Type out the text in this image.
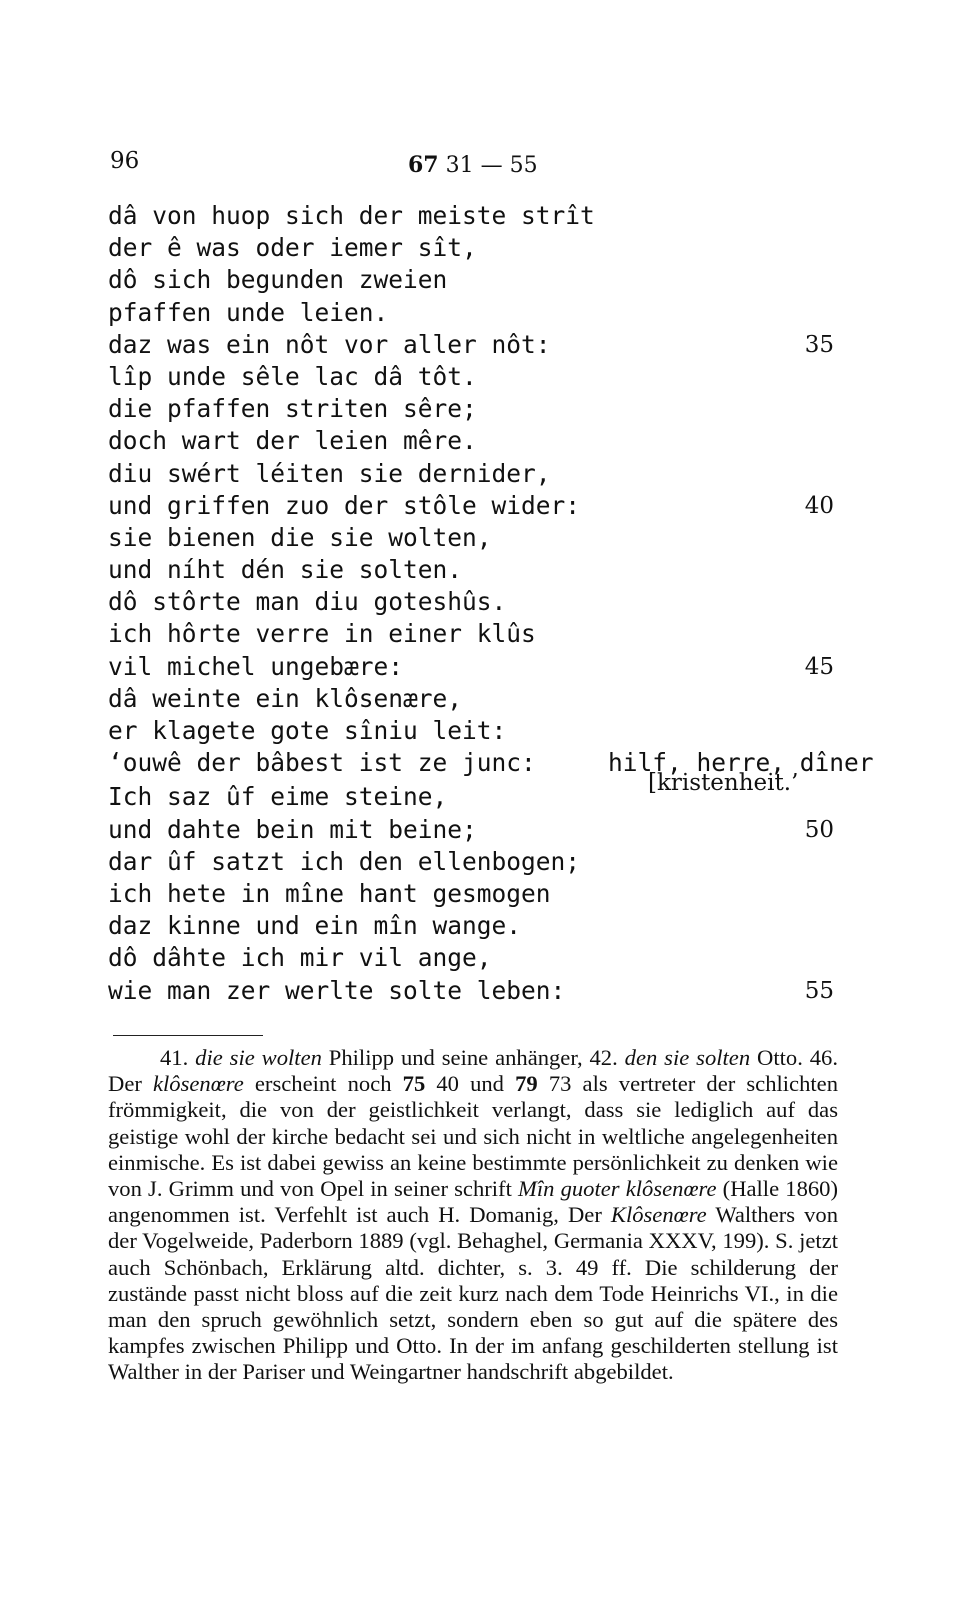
96	67 31 — 55
dâ von huop sich der meiste strît
der ê was oder iemer sît,
dô sich begunden zweien
pfaffen unde leien.
daz was ein nôt vor aller nôt:	35
lîp unde sêle lac dâ tôt.
die pfaffen striten sêre;
doch wart der leien mêre.
diu swért léiten sie dernider,
und griffen zuo der stôle wider:	40
sie bienen die sie wolten,
und níht dén sie solten.
dô stôrte man diu goteshûs.
ich hôrte verre in einer klûs
vil michel ungebære:	45
dâ weinte ein klôsenære,
er klagete gote sîniu leit:
‘ouwê der bâbest ist ze junc:	hilf, herre, dîner
Ich saz ûf eime steine,	[kristenheit.’
und dahte bein mit beine;	50
dar ûf satzt ich den ellenbogen;
ich hete in mîne hant gesmogen
daz kinne und ein mîn wange.
dô dâhte ich mir vil ange,
wie man zer werlte solte leben:	55

41. die sie wolten Philipp und seine anhänger, 42. den sie solten Otto. 46. Der klôsenœre erscheint noch 75 40 und 79 73 als vertreter der schlichten frömmigkeit, die von der geistlichkeit verlangt, dass sie lediglich auf das geistige wohl der kirche bedacht sei und sich nicht in weltliche angelegenheiten einmische. Es ist dabei gewiss an keine bestimmte persönlichkeit zu denken wie von J. Grimm und von Opel in seiner schrift Mîn guoter klôsenœre (Halle 1860) angenommen ist. Verfehlt ist auch H. Domanig, Der Klôsenœre Walthers von der Vogelweide, Paderborn 1889 (vgl. Behaghel, Germania XXXV, 199). S. jetzt auch Schönbach, Erklärung altd. dichter, s. 3. 49 ff. Die schilderung der zustände passt nicht bloss auf die zeit kurz nach dem Tode Heinrichs VI., in die man den spruch gewöhnlich setzt, sondern eben so gut auf die spätere des kampfes zwischen Philipp und Otto. In der im anfang geschilderten stellung ist Walther in der Pariser und Weingartner handschrift abgebildet.
